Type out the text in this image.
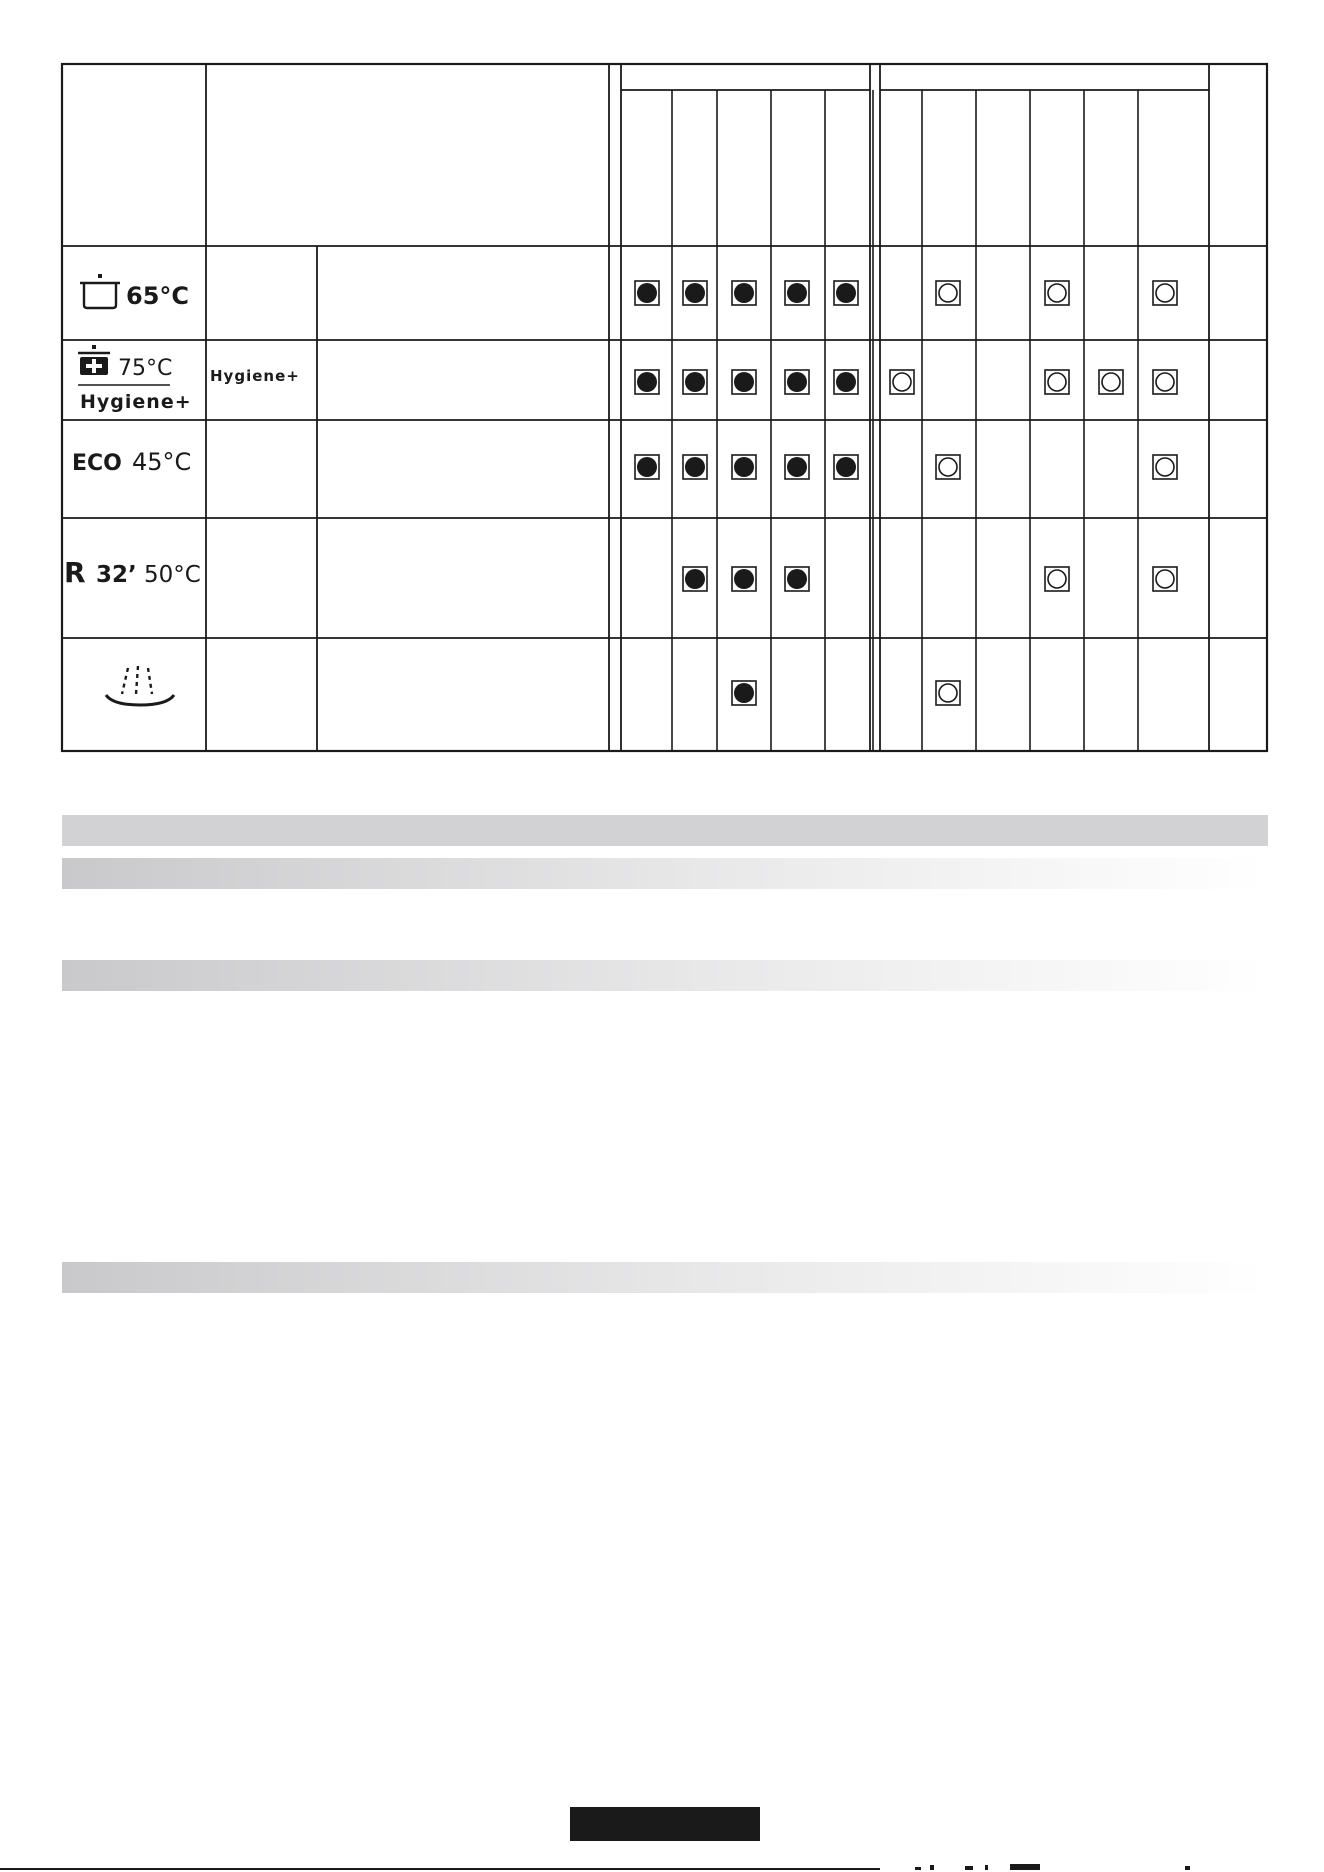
65°C
75°C
Hygiene+
Hygiene+
ECO 45°C
R 32’ 50°C
